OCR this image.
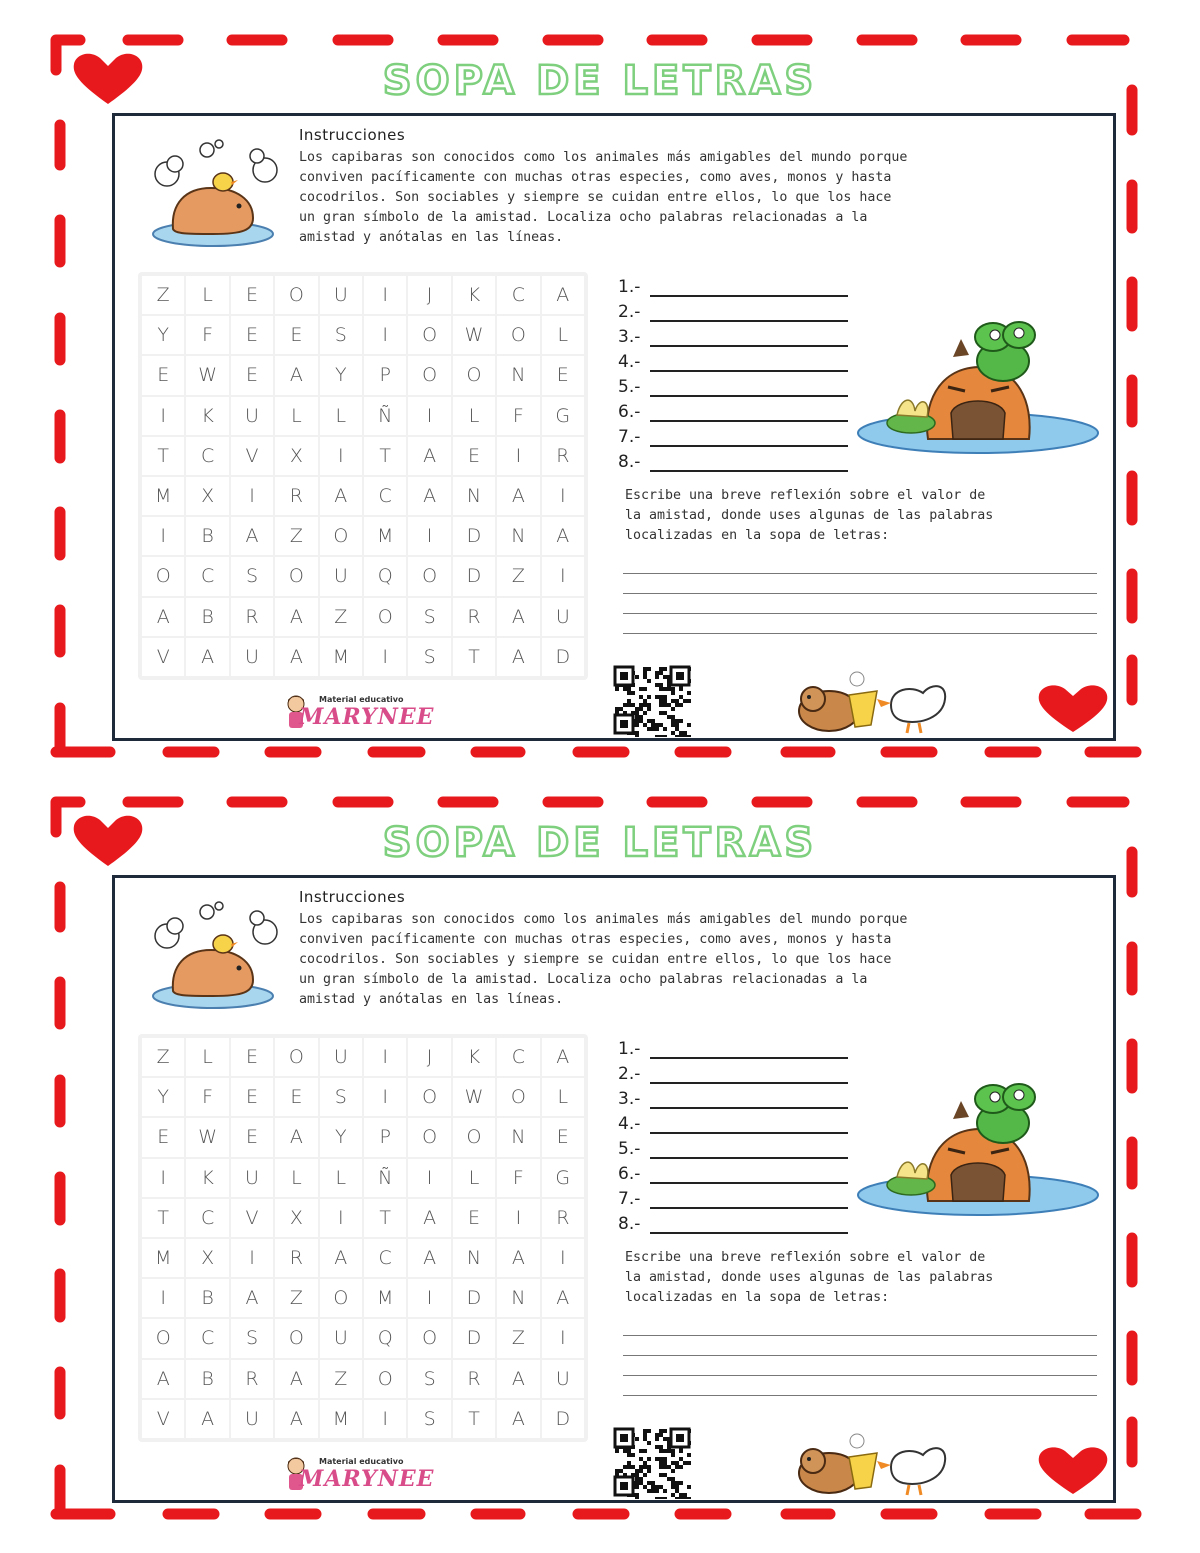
SOPA DE LETRAS
Instrucciones
Los capibaras son conocidos como los animales más amigables del mundo porque
conviven pacíficamente con muchas otras especies, como aves, monos y hasta
cocodrilos. Son sociables y siempre se cuidan entre ellos, lo que los hace
un gran símbolo de la amistad. Localiza ocho palabras relacionadas a la
amistad y anótalas en las líneas.
Z	L	E	O	U	I	J	K	C	A
Y	F	E	E	S	I	O	W	O	L
E	W	E	A	Y	P	O	O	N	E
I	K	U	L	L	Ñ	I	L	F	G
T	C	V	X	I	T	A	E	I	R
M	X	I	R	A	C	A	N	A	I
I	B	A	Z	O	M	I	D	N	A
O	C	S	O	U	Q	O	D	Z	I
A	B	R	A	Z	O	S	R	A	U
V	A	U	A	M	I	S	T	A	D
1.-
2.-
3.-
4.-
5.-
6.-
7.-
8.-
Escribe una breve reflexión sobre el valor de
la amistad, donde uses algunas de las palabras
localizadas en la sopa de letras:
Material educativo
MARYNEE
SOPA DE LETRAS
Instrucciones
Los capibaras son conocidos como los animales más amigables del mundo porque
conviven pacíficamente con muchas otras especies, como aves, monos y hasta
cocodrilos. Son sociables y siempre se cuidan entre ellos, lo que los hace
un gran símbolo de la amistad. Localiza ocho palabras relacionadas a la
amistad y anótalas en las líneas.
Z	L	E	O	U	I	J	K	C	A
Y	F	E	E	S	I	O	W	O	L
E	W	E	A	Y	P	O	O	N	E
I	K	U	L	L	Ñ	I	L	F	G
T	C	V	X	I	T	A	E	I	R
M	X	I	R	A	C	A	N	A	I
I	B	A	Z	O	M	I	D	N	A
O	C	S	O	U	Q	O	D	Z	I
A	B	R	A	Z	O	S	R	A	U
V	A	U	A	M	I	S	T	A	D
1.-
2.-
3.-
4.-
5.-
6.-
7.-
8.-
Escribe una breve reflexión sobre el valor de
la amistad, donde uses algunas de las palabras
localizadas en la sopa de letras:
Material educativo
MARYNEE
